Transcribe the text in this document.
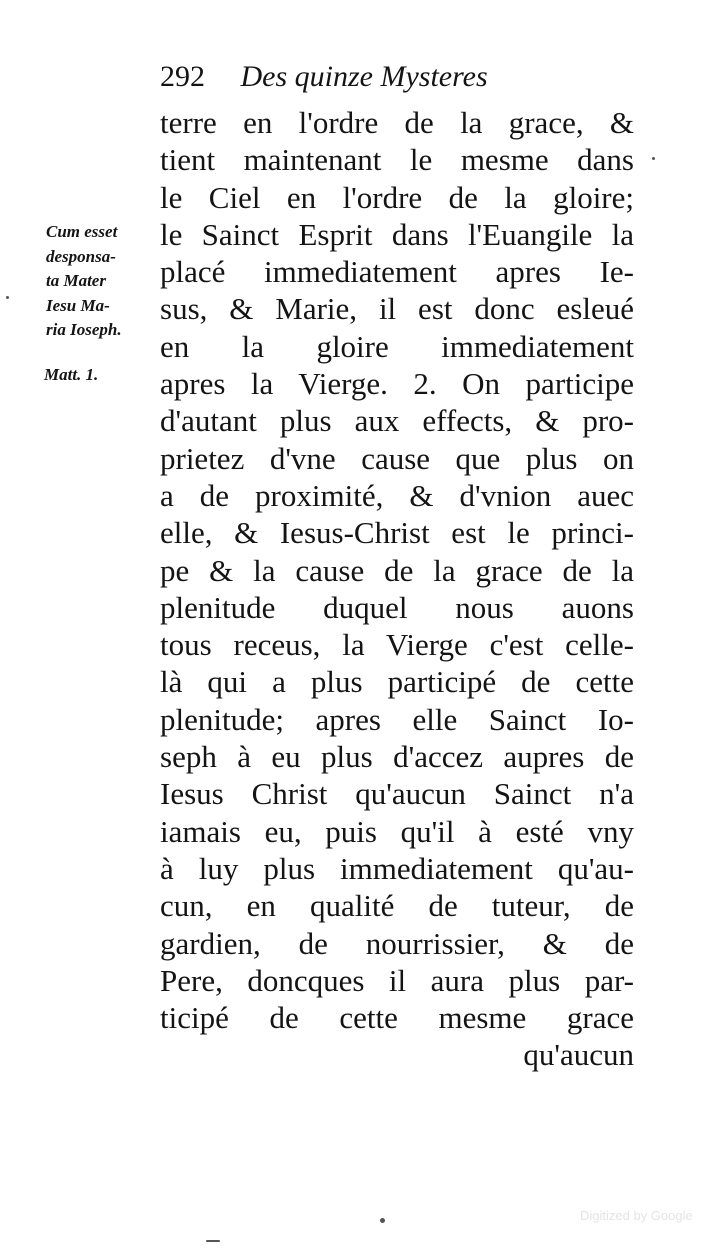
292 Des quinze Mysteres
Cum esset
desponsa-
ta Mater
Iesu Ma-
ria Ioseph.
Matt. 1.
terre en l'ordre de la grace, &
tient maintenant le mesme dans
le Ciel en l'ordre de la gloire;
le Sainct Esprit dans l'Euangile la
placé immediatement apres Ie-
sus, & Marie, il est donc esleué
en la gloire immediatement
apres la Vierge. 2. On participe
d'autant plus aux effects, & pro-
prietez d'vne cause que plus on
a de proximité, & d'vnion auec
elle, & Iesus-Christ est le princi-
pe & la cause de la grace de la
plenitude duquel nous auons
tous receus, la Vierge c'est celle-
là qui a plus participé de cette
plenitude; apres elle Sainct Io-
seph à eu plus d'accez aupres de
Iesus Christ qu'aucun Sainct n'a
iamais eu, puis qu'il à esté vny
à luy plus immediatement qu'au-
cun, en qualité de tuteur, de
gardien, de nourrissier, & de
Pere, doncques il aura plus par-
ticipé de cette mesme grace
qu'aucun
Digitized by Google
